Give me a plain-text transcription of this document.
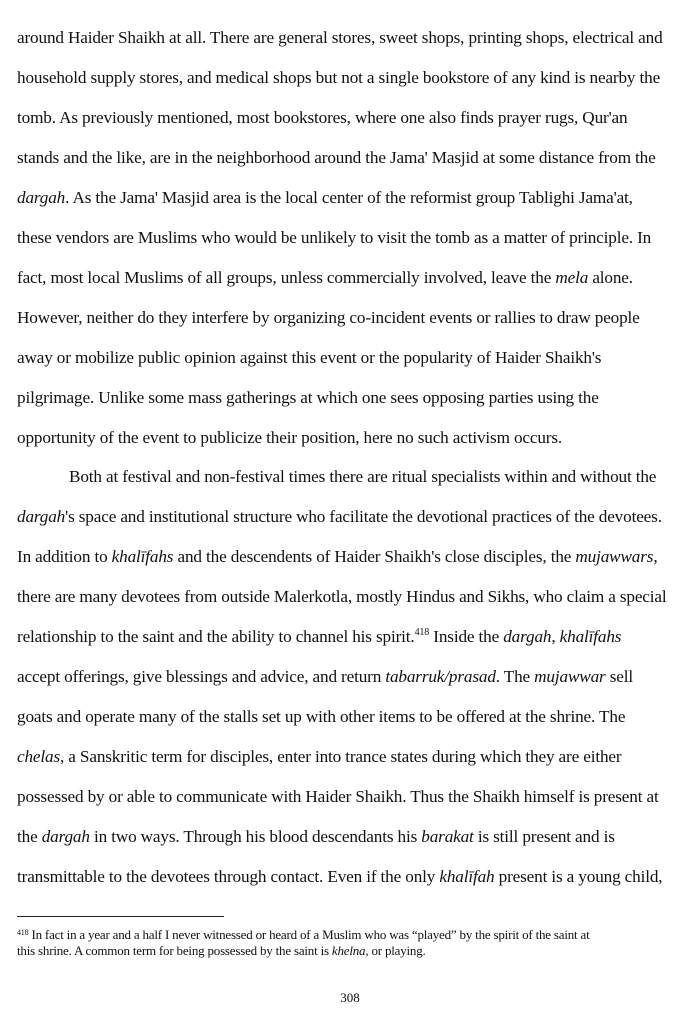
around Haider Shaikh at all. There are general stores, sweet shops, printing shops, electrical and
household supply stores, and medical shops but not a single bookstore of any kind is nearby the
tomb. As previously mentioned, most bookstores, where one also finds prayer rugs, Qur'an
stands and the like, are in the neighborhood around the Jama' Masjid at some distance from the
dargah. As the Jama' Masjid area is the local center of the reformist group Tablighi Jama'at,
these vendors are Muslims who would be unlikely to visit the tomb as a matter of principle. In
fact, most local Muslims of all groups, unless commercially involved, leave the mela alone.
However, neither do they interfere by organizing co-incident events or rallies to draw people
away or mobilize public opinion against this event or the popularity of Haider Shaikh's
pilgrimage. Unlike some mass gatherings at which one sees opposing parties using the
opportunity of the event to publicize their position, here no such activism occurs.
Both at festival and non-festival times there are ritual specialists within and without the
dargah's space and institutional structure who facilitate the devotional practices of the devotees.
In addition to khalīfahs and the descendents of Haider Shaikh's close disciples, the mujawwars,
there are many devotees from outside Malerkotla, mostly Hindus and Sikhs, who claim a special
relationship to the saint and the ability to channel his spirit.$^{418}$ Inside the dargah, khalīfahs
accept offerings, give blessings and advice, and return tabarruk/prasad. The mujawwar sell
goats and operate many of the stalls set up with other items to be offered at the shrine. The
chelas, a Sanskritic term for disciples, enter into trance states during which they are either
possessed by or able to communicate with Haider Shaikh. Thus the Shaikh himself is present at
the dargah in two ways. Through his blood descendants his barakat is still present and is
transmittable to the devotees through contact. Even if the only khalīfah present is a young child,
$^{418}$ In fact in a year and a half I never witnessed or heard of a Muslim who was “played” by the spirit of the saint at
this shrine. A common term for being possessed by the saint is khelna, or playing.
308
